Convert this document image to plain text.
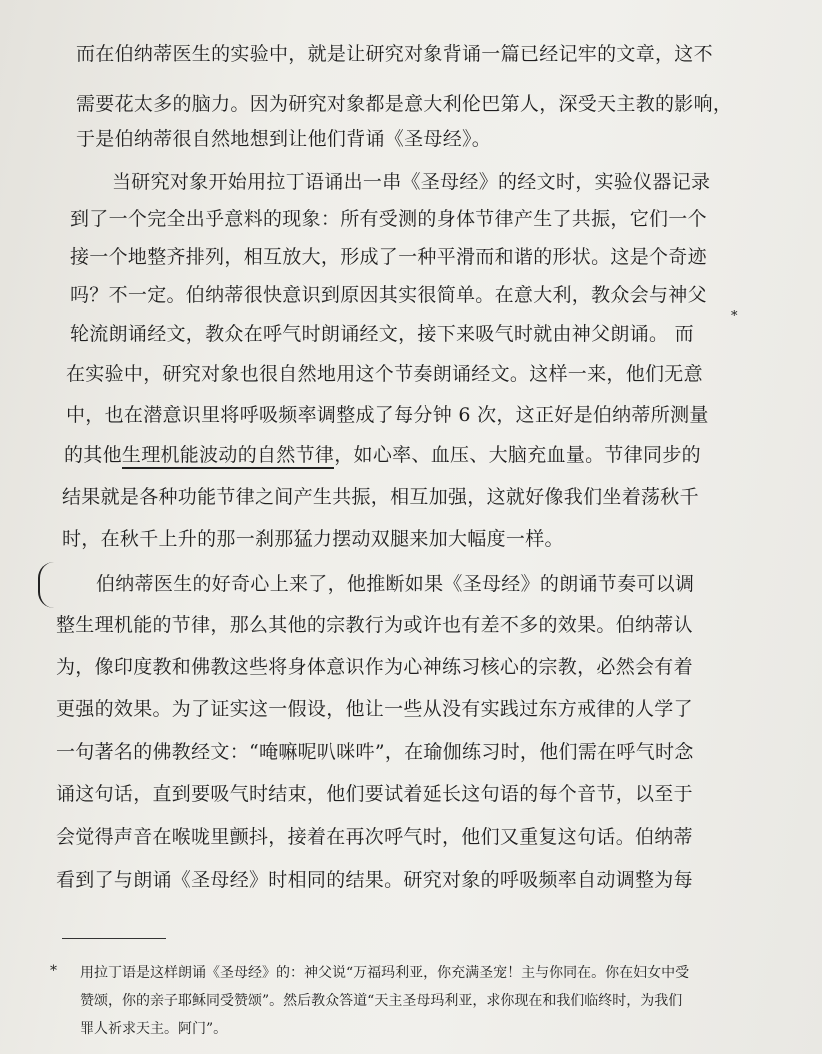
而在伯纳蒂医生的实验中，就是让研究对象背诵一篇已经记牢的文章，这不
需要花太多的脑力。因为研究对象都是意大利伦巴第人，深受天主教的影响，
于是伯纳蒂很自然地想到让他们背诵《圣母经》。
当研究对象开始用拉丁语诵出一串《圣母经》的经文时，实验仪器记录
到了一个完全出乎意料的现象：所有受测的身体节律产生了共振，它们一个
接一个地整齐排列，相互放大，形成了一种平滑而和谐的形状。这是个奇迹
吗？不一定。伯纳蒂很快意识到原因其实很简单。在意大利，教众会与神父
轮流朗诵经文，教众在呼气时朗诵经文，接下来吸气时就由神父朗诵。 而
*
在实验中，研究对象也很自然地用这个节奏朗诵经文。这样一来，他们无意
中，也在潜意识里将呼吸频率调整成了每分钟 6 次，这正好是伯纳蒂所测量
的其他生理机能波动的自然节律，如心率、血压、大脑充血量。节律同步的
结果就是各种功能节律之间产生共振，相互加强，这就好像我们坐着荡秋千
时，在秋千上升的那一刹那猛力摆动双腿来加大幅度一样。
伯纳蒂医生的好奇心上来了，他推断如果《圣母经》的朗诵节奏可以调
整生理机能的节律，那么其他的宗教行为或许也有差不多的效果。伯纳蒂认
为，像印度教和佛教这些将身体意识作为心神练习核心的宗教，必然会有着
更强的效果。为了证实这一假设，他让一些从没有实践过东方戒律的人学了
一句著名的佛教经文：“唵嘛呢叭咪吽”，在瑜伽练习时，他们需在呼气时念
诵这句话，直到要吸气时结束，他们要试着延长这句语的每个音节，以至于
会觉得声音在喉咙里颤抖，接着在再次呼气时，他们又重复这句话。伯纳蒂
看到了与朗诵《圣母经》时相同的结果。研究对象的呼吸频率自动调整为每
* 用拉丁语是这样朗诵《圣母经》的：神父说“万福玛利亚，你充满圣宠！主与你同在。你在妇女中受
赞颂，你的亲子耶稣同受赞颂”。然后教众答道“天主圣母玛利亚，求你现在和我们临终时，为我们
罪人祈求天主。阿门”。
